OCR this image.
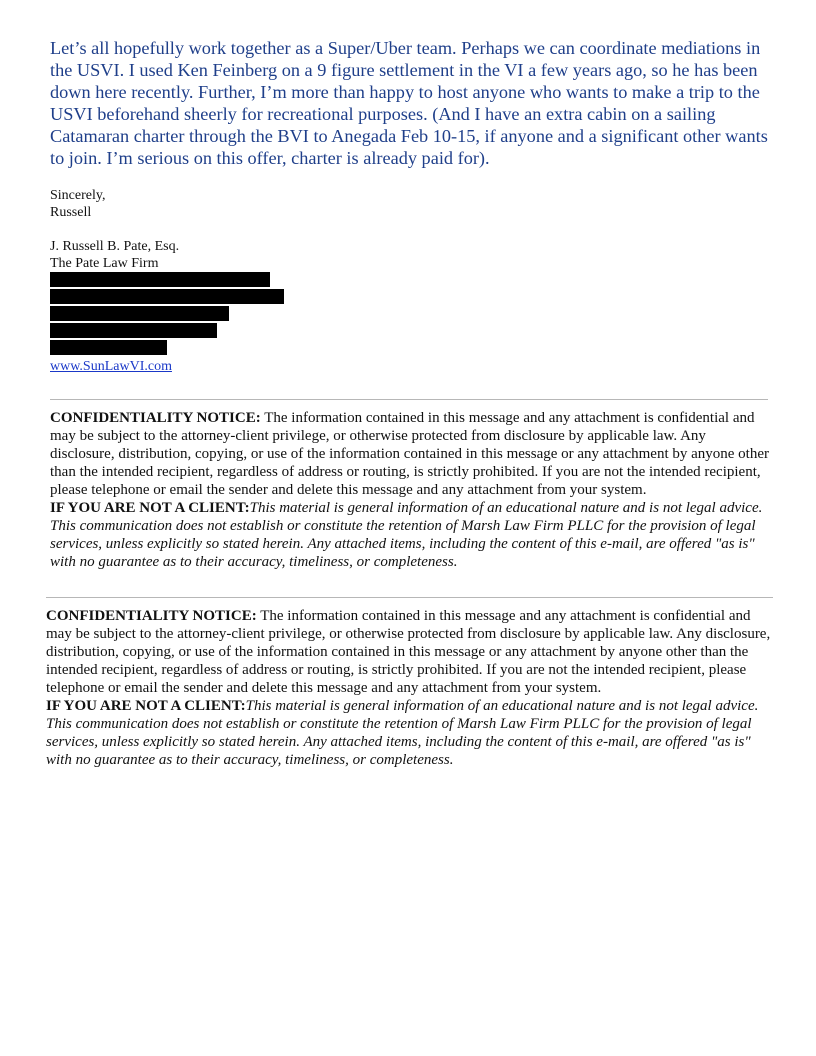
Let’s all hopefully work together as a Super/Uber team. Perhaps we can coordinate mediations in the USVI. I used Ken Feinberg on a 9 figure settlement in the VI a few years ago, so he has been down here recently. Further, I’m more than happy to host anyone who wants to make a trip to the USVI beforehand sheerly for recreational purposes. (And I have an extra cabin on a sailing Catamaran charter through the BVI to Anegada Feb 10-15, if anyone and a significant other wants to join. I’m serious on this offer, charter is already paid for).

Sincerely,

Russell

J. Russell B. Pate, Esq.

The Pate Law Firm

www.SunLawVI.com

CONFIDENTIALITY NOTICE: The information contained in this message and any attachment is confidential and may be subject to the attorney-client privilege, or otherwise protected from disclosure by applicable law. Any disclosure, distribution, copying, or use of the information contained in this message or any attachment by anyone other than the intended recipient, regardless of address or routing, is strictly prohibited. If you are not the intended recipient, please telephone or email the sender and delete this message and any attachment from your system.

IF YOU ARE NOT A CLIENT:This material is general information of an educational nature and is not legal advice. This communication does not establish or constitute the retention of Marsh Law Firm PLLC for the provision of legal services, unless explicitly so stated herein. Any attached items, including the content of this e-mail, are offered "as is" with no guarantee as to their accuracy, timeliness, or completeness.

CONFIDENTIALITY NOTICE: The information contained in this message and any attachment is confidential and may be subject to the attorney-client privilege, or otherwise protected from disclosure by applicable law. Any disclosure, distribution, copying, or use of the information contained in this message or any attachment by anyone other than the intended recipient, regardless of address or routing, is strictly prohibited. If you are not the intended recipient, please telephone or email the sender and delete this message and any attachment from your system.

IF YOU ARE NOT A CLIENT:This material is general information of an educational nature and is not legal advice. This communication does not establish or constitute the retention of Marsh Law Firm PLLC for the provision of legal services, unless explicitly so stated herein. Any attached items, including the content of this e-mail, are offered "as is" with no guarantee as to their accuracy, timeliness, or completeness.
